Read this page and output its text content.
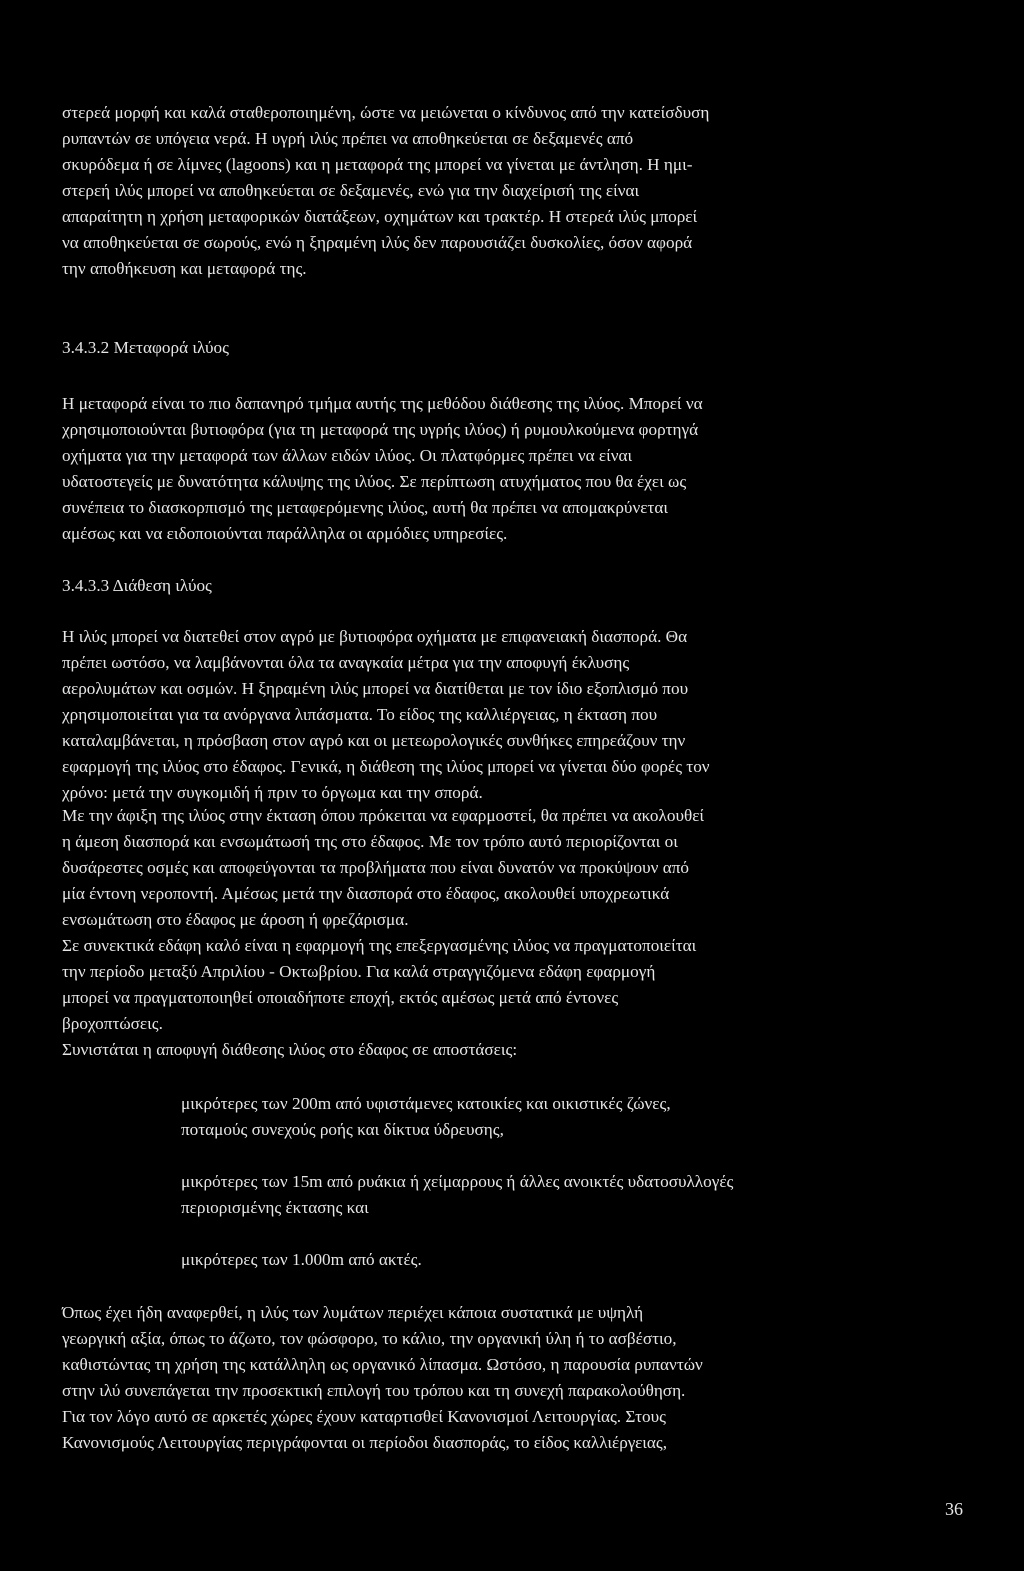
στερεά μορφή και καλά σταθεροποιημένη, ώστε να μειώνεται ο κίνδυνος από την κατείσδυση

ρυπαντών σε υπόγεια νερά. Η υγρή ιλύς πρέπει να αποθηκεύεται σε δεξαμενές από

σκυρόδεμα ή σε λίμνες (lagoons) και η μεταφορά της μπορεί να γίνεται με άντληση. Η ημι-

στερεή ιλύς μπορεί να αποθηκεύεται σε δεξαμενές, ενώ για την διαχείρισή της είναι

απαραίτητη η χρήση μεταφορικών διατάξεων, οχημάτων και τρακτέρ. Η στερεά ιλύς μπορεί

να αποθηκεύεται σε σωρούς, ενώ η ξηραμένη ιλύς δεν παρουσιάζει δυσκολίες, όσον αφορά

την αποθήκευση και μεταφορά της.

3.4.3.2 Μεταφορά ιλύος

Η μεταφορά είναι το πιο δαπανηρό τμήμα αυτής της μεθόδου διάθεσης της ιλύος. Μπορεί να

χρησιμοποιούνται βυτιοφόρα (για τη μεταφορά της υγρής ιλύος) ή ρυμουλκούμενα φορτηγά

οχήματα για την μεταφορά των άλλων ειδών ιλύος. Οι πλατφόρμες πρέπει να είναι

υδατοστεγείς με δυνατότητα κάλυψης της ιλύος. Σε περίπτωση ατυχήματος που θα έχει ως

συνέπεια το διασκορπισμό της μεταφερόμενης ιλύος, αυτή θα πρέπει να απομακρύνεται

αμέσως και να ειδοποιούνται παράλληλα οι αρμόδιες υπηρεσίες.

3.4.3.3 Διάθεση ιλύος

Η ιλύς μπορεί να διατεθεί στον αγρό με βυτιοφόρα οχήματα με επιφανειακή διασπορά. Θα

πρέπει ωστόσο, να λαμβάνονται όλα τα αναγκαία μέτρα για την αποφυγή έκλυσης

αερολυμάτων και οσμών. Η ξηραμένη ιλύς μπορεί να διατίθεται με τον ίδιο εξοπλισμό που

χρησιμοποιείται για τα ανόργανα λιπάσματα. Το είδος της καλλιέργειας, η έκταση που

καταλαμβάνεται, η πρόσβαση στον αγρό και οι μετεωρολογικές συνθήκες επηρεάζουν την

εφαρμογή της ιλύος στο έδαφος. Γενικά, η διάθεση της ιλύος μπορεί να γίνεται δύο φορές τον

χρόνο: μετά την συγκομιδή ή πριν το όργωμα και την σπορά.

Με την άφιξη της ιλύος στην έκταση όπου πρόκειται να εφαρμοστεί, θα πρέπει να ακολουθεί

η άμεση διασπορά και ενσωμάτωσή της στο έδαφος. Με τον τρόπο αυτό περιορίζονται οι

δυσάρεστες οσμές και αποφεύγονται τα προβλήματα που είναι δυνατόν να προκύψουν από

μία έντονη νεροποντή. Αμέσως μετά την διασπορά στο έδαφος, ακολουθεί υποχρεωτικά

ενσωμάτωση στο έδαφος με άροση ή φρεζάρισμα.

Σε συνεκτικά εδάφη καλό είναι η εφαρμογή της επεξεργασμένης ιλύος να πραγματοποιείται

την περίοδο μεταξύ Απριλίου - Οκτωβρίου. Για καλά στραγγιζόμενα εδάφη εφαρμογή

μπορεί να πραγματοποιηθεί οποιαδήποτε εποχή, εκτός αμέσως μετά από έντονες

βροχοπτώσεις.

Συνιστάται η αποφυγή διάθεσης ιλύος στο έδαφος σε αποστάσεις:

μικρότερες των 200m από υφιστάμενες κατοικίες και οικιστικές ζώνες,

ποταμούς συνεχούς ροής και δίκτυα ύδρευσης,

μικρότερες των 15m από ρυάκια ή χείμαρρους ή άλλες ανοικτές υδατοσυλλογές

περιορισμένης έκτασης και

μικρότερες των 1.000m από ακτές.

Όπως έχει ήδη αναφερθεί, η ιλύς των λυμάτων περιέχει κάποια συστατικά με υψηλή

γεωργική αξία, όπως το άζωτο, τον φώσφορο, το κάλιο, την οργανική ύλη ή το ασβέστιο,

καθιστώντας τη χρήση της κατάλληλη ως οργανικό λίπασμα. Ωστόσο, η παρουσία ρυπαντών

στην ιλύ συνεπάγεται την προσεκτική επιλογή του τρόπου και τη συνεχή παρακολούθηση.

Για τον λόγο αυτό σε αρκετές χώρες έχουν καταρτισθεί Κανονισμοί Λειτουργίας. Στους

Κανονισμούς Λειτουργίας περιγράφονται οι περίοδοι διασποράς, το είδος καλλιέργειας,

36
